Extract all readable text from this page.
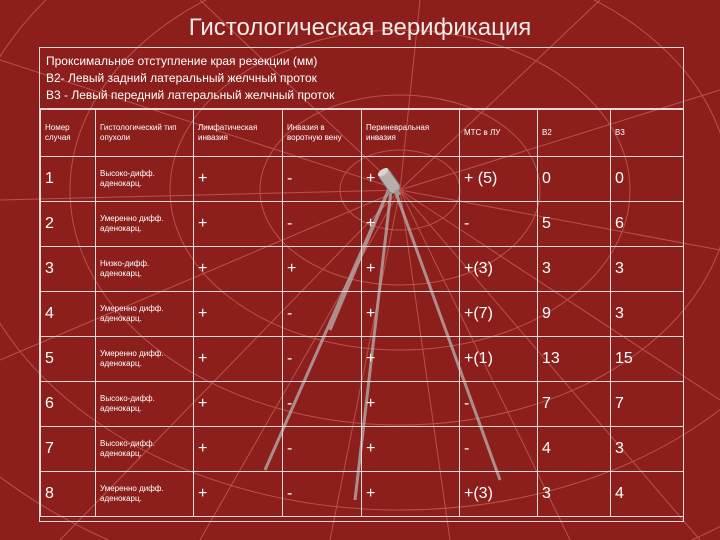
Гистологическая верификация
Проксимальное отступление края резекции (мм)
В2- Левый задний латеральный желчный проток
В3 - Левый передний латеральный желчный проток
Номер случая	Гистологический тип опухоли	Лимфатическая инвазия	Инвазия в воротную вену	Периневральная инвазия	МТС в ЛУ	В2	В3
1	Высоко-дифф. аденокарц.	+	-	+	+ (5)	0	0
2	Умеренно дифф. аденокарц.	+	-	+	-	5	6
3	Низко-дифф. аденокарц.	+	+	+	+(3)	3	3
4	Умеренно дифф. аденокарц.	+	-	+	+(7)	9	3
5	Умеренно дифф. аденокарц.	+	-	+	+(1)	13	15
6	Высоко-дифф. аденокарц.	+	-	+	-	7	7
7	Высоко-дифф. аденокарц.	+	-	+	-	4	3
8	Умеренно дифф. аденокарц.	+	-	+	+(3)	3	4
